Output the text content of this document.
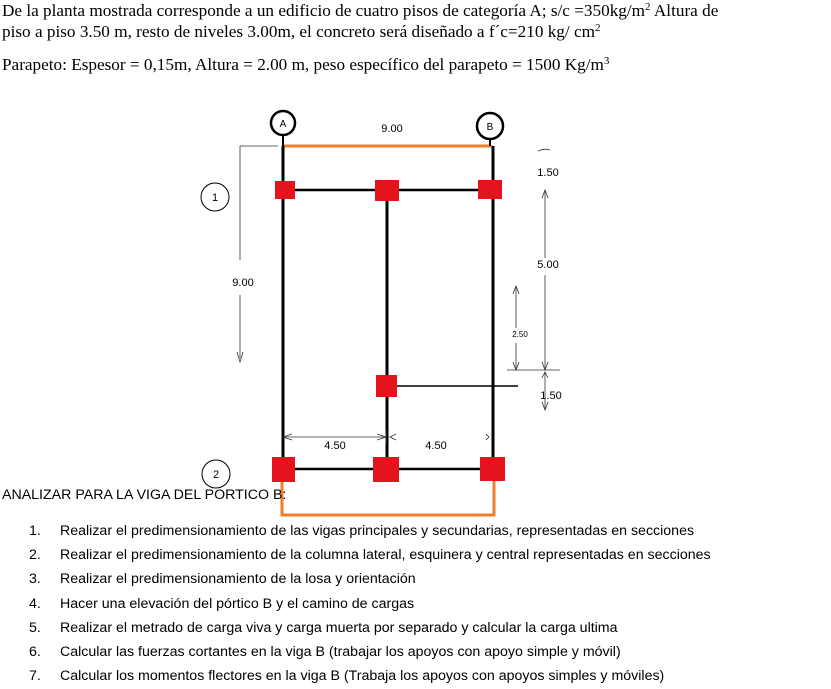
De la planta mostrada corresponde a un edificio de cuatro pisos de categoría A; $s/c =350kg/m^2$ Altura de

piso a piso 3.50 m, resto de niveles 3.00m, el concreto será diseñado a f´c=210 kg/ $cm^2$

Parapeto: Espesor = 0,15m, Altura = 2.00 m, peso específico del parapeto = 1500 $Kg/m^3$

A	B
1
2
9.00
9.00
1.50
5.00
1.50
2.50
4.50	4.50

ANALIZAR PARA LA VIGA DEL PORTICO B:

1. Realizar el predimensionamiento de las vigas principales y secundarias, representadas en secciones
2. Realizar el predimensionamiento de la columna lateral, esquinera y central representadas en secciones
3. Realizar el predimensionamiento de la losa y orientación
4. Hacer una elevación del pórtico B y el camino de cargas
5. Realizar el metrado de carga viva y carga muerta por separado y calcular la carga ultima
6. Calcular las fuerzas cortantes en la viga B (trabajar los apoyos con apoyo simple y móvil)
7. Calcular los momentos flectores en la viga B (Trabaja los apoyos con apoyos simples y móviles)
